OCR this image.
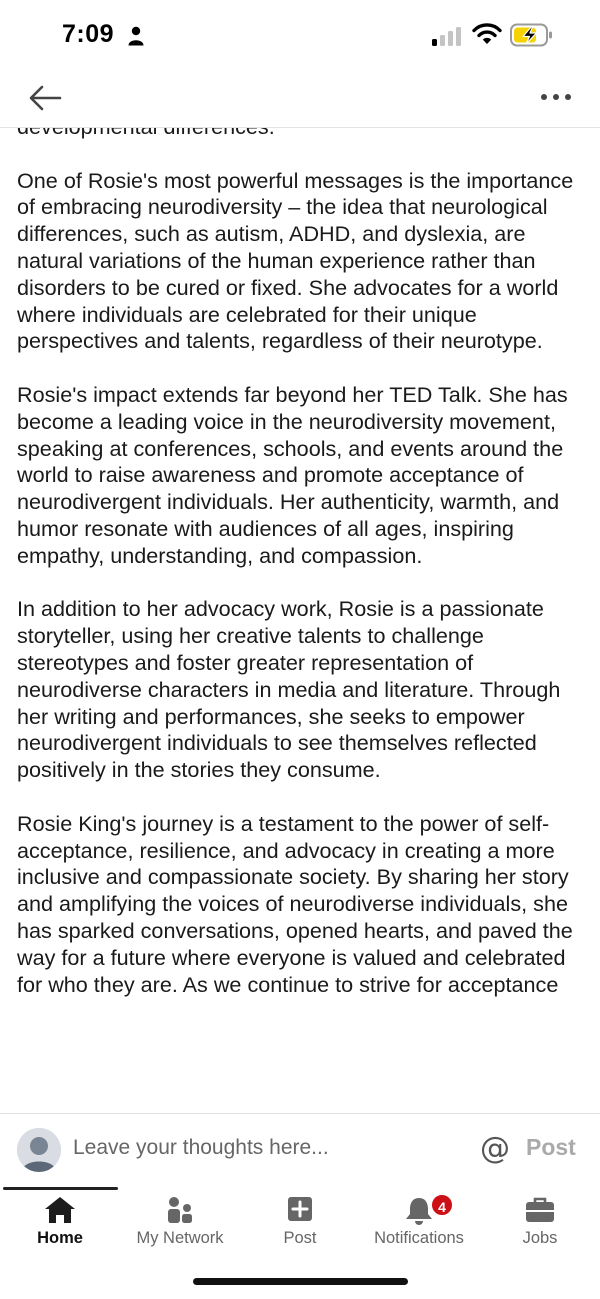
One of Rosie's most powerful messages is the importance of embracing neurodiversity – the idea that neurological differences, such as autism, ADHD, and dyslexia, are natural variations of the human experience rather than disorders to be cured or fixed. She advocates for a world where individuals are celebrated for their unique perspectives and talents, regardless of their neurotype.

Rosie's impact extends far beyond her TED Talk. She has become a leading voice in the neurodiversity movement, speaking at conferences, schools, and events around the world to raise awareness and promote acceptance of neurodivergent individuals. Her authenticity, warmth, and humor resonate with audiences of all ages, inspiring empathy, understanding, and compassion.

In addition to her advocacy work, Rosie is a passionate storyteller, using her creative talents to challenge stereotypes and foster greater representation of neurodiverse characters in media and literature. Through her writing and performances, she seeks to empower neurodivergent individuals to see themselves reflected positively in the stories they consume.

Rosie King's journey is a testament to the power of self-acceptance, resilience, and advocacy in creating a more inclusive and compassionate society. By sharing her story and amplifying the voices of neurodiverse individuals, she has sparked conversations, opened hearts, and paved the way for a future where everyone is valued and celebrated for who they are. As we continue to strive for acceptance

7:09
Leave your thoughts here...	@ Post
Home	My Network	Post
4
Notifications	Jobs
